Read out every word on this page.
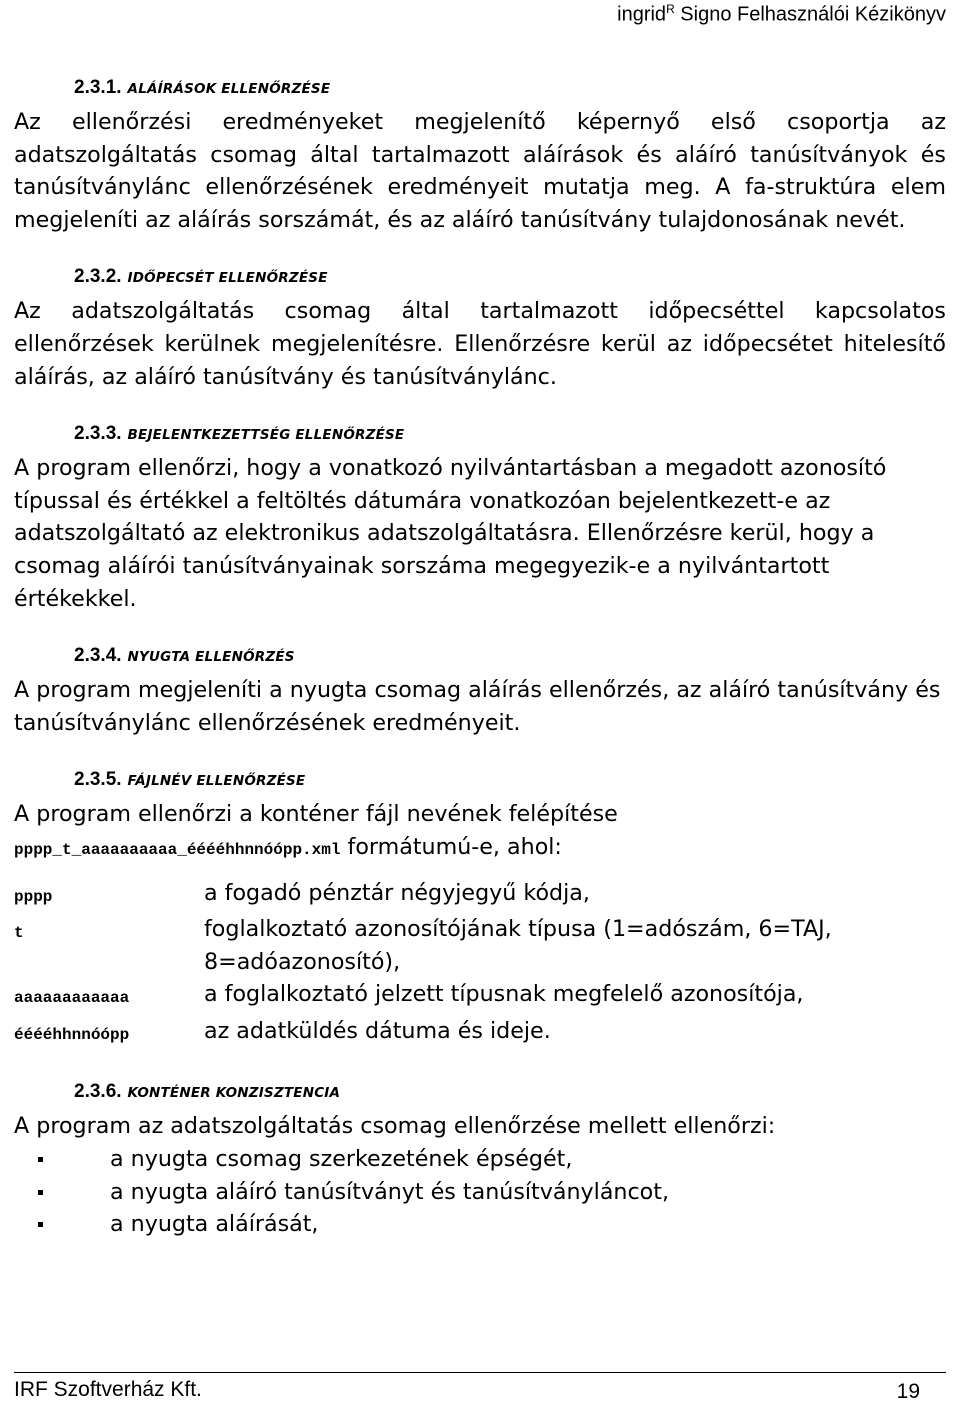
ingrid$^R$ Signo Felhasználói Kézikönyv
2.3.1. ALÁÍRÁSOK ELLENŐRZÉSE

Az ellenőrzési eredményeket megjelenítő képernyő első csoportja az adatszolgáltatás csomag által tartalmazott aláírások és aláíró tanúsítványok és tanúsítványlánc ellenőrzésének eredményeit mutatja meg. A fa-struktúra elem megjeleníti az aláírás sorszámát, és az aláíró tanúsítvány tulajdonosának nevét.

2.3.2. IDŐPECSÉT ELLENŐRZÉSE

Az adatszolgáltatás csomag által tartalmazott időpecséttel kapcsolatos ellenőrzések kerülnek megjelenítésre. Ellenőrzésre kerül az időpecsétet hitelesítő aláírás, az aláíró tanúsítvány és tanúsítványlánc.

2.3.3. BEJELENTKEZETTSÉG ELLENŐRZÉSE

A program ellenőrzi, hogy a vonatkozó nyilvántartásban a megadott azonosító típussal és értékkel a feltöltés dátumára vonatkozóan bejelentkezett-e az adatszolgáltató az elektronikus adatszolgáltatásra. Ellenőrzésre kerül, hogy a csomag aláírói tanúsítványainak sorszáma megegyezik-e a nyilvántartott értékekkel.

2.3.4. NYUGTA ELLENŐRZÉS

A program megjeleníti a nyugta csomag aláírás ellenőrzés, az aláíró tanúsítvány és tanúsítványlánc ellenőrzésének eredményeit.

2.3.5. FÁJLNÉV ELLENŐRZÉSE

A program ellenőrzi a konténer fájl nevének felépítése
pppp_t_aaaaaaaaaa_ééééhhnnóópp.xml formátumú-e, ahol:

pppp	a fogadó pénztár négyjegyű kódja,
t	foglalkoztató azonosítójának típusa (1=adószám, 6=TAJ, 8=adóazonosító),
aaaaaaaaaaaa	a foglalkoztató jelzett típusnak megfelelő azonosítója,
ééééhhnnóópp	az adatküldés dátuma és ideje.
2.3.6. KONTÉNER KONZISZTENCIA

A program az adatszolgáltatás csomag ellenőrzése mellett ellenőrzi:

a nyugta csomag szerkezetének épségét,
a nyugta aláíró tanúsítványt és tanúsítványláncot,
a nyugta aláírását,
IRF Szoftverház Kft.	19
